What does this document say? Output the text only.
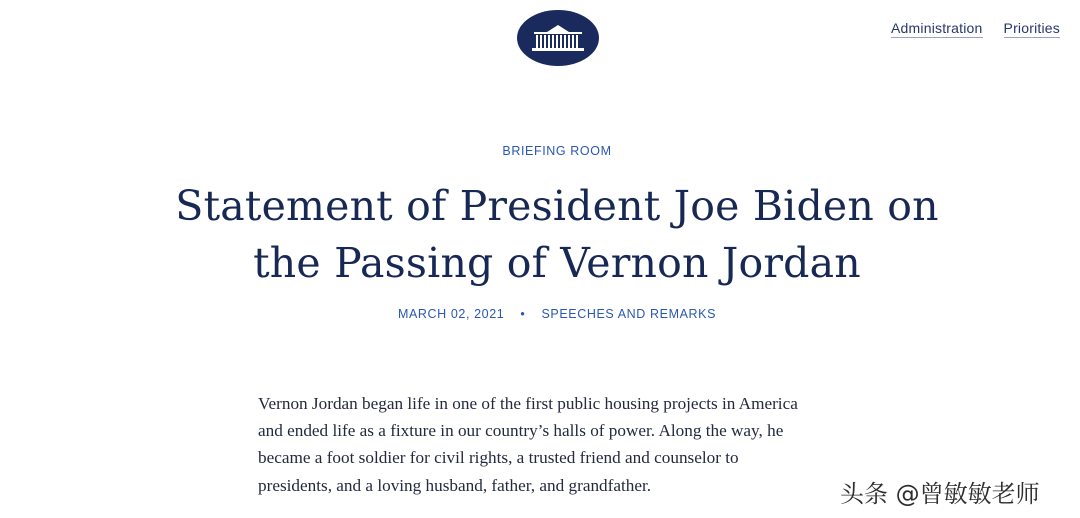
Administration Priorities
BRIEFING ROOM
Statement of President Joe Biden on
the Passing of Vernon Jordan
MARCH 02, 2021 • SPEECHES AND REMARKS

Vernon Jordan began life in one of the first public housing projects in America
and ended life as a fixture in our country’s halls of power. Along the way, he
became a foot soldier for civil rights, a trusted friend and counselor to
presidents, and a loving husband, father, and grandfather.	头条 @曾敏敏老师
